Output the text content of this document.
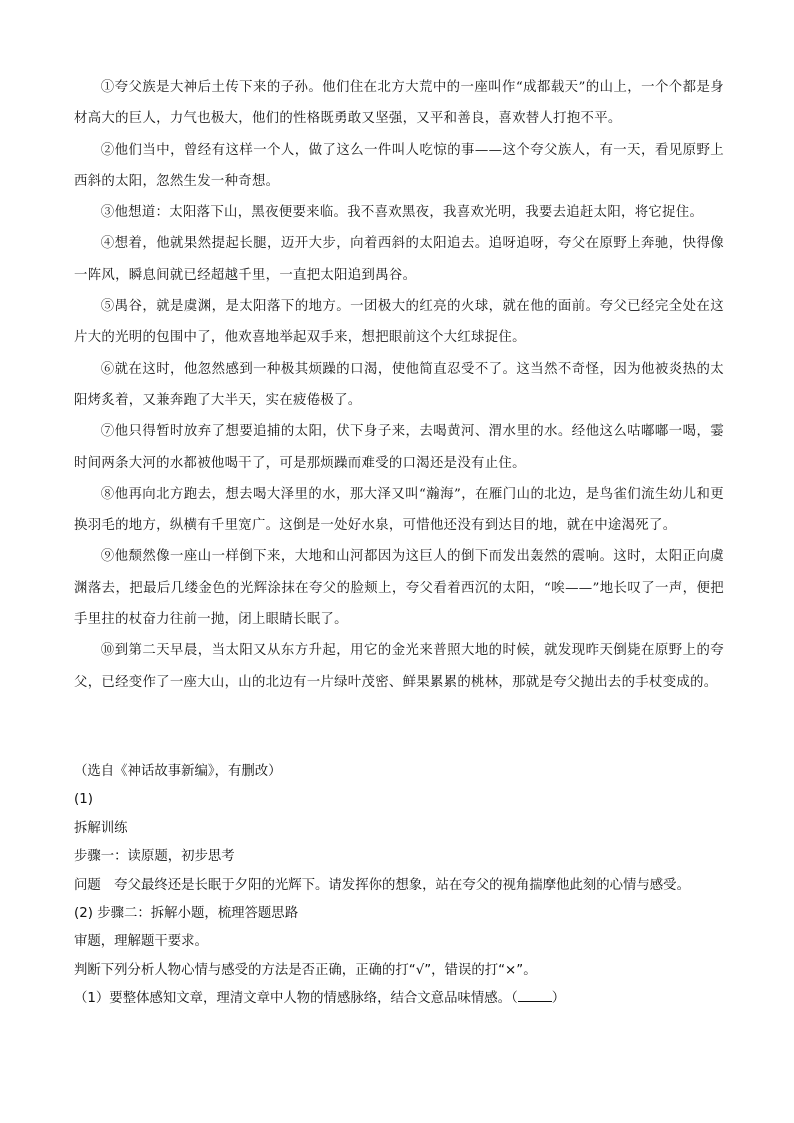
①夸父族是大神后土传下来的子孙。他们住在北方大荒中的一座叫作“成都载天”的山上，一个个都是身材高大的巨人，力气也极大，他们的性格既勇敢又坚强，又平和善良，喜欢替人打抱不平。

②他们当中，曾经有这样一个人，做了这么一件叫人吃惊的事——这个夸父族人，有一天，看见原野上西斜的太阳，忽然生发一种奇想。

③他想道：太阳落下山，黑夜便要来临。我不喜欢黑夜，我喜欢光明，我要去追赶太阳，将它捉住。

④想着，他就果然提起长腿，迈开大步，向着西斜的太阳追去。追呀追呀，夸父在原野上奔驰，快得像一阵风，瞬息间就已经超越千里，一直把太阳追到禺谷。

⑤禺谷，就是虞渊，是太阳落下的地方。一团极大的红亮的火球，就在他的面前。夸父已经完全处在这片大的光明的包围中了，他欢喜地举起双手来，想把眼前这个大红球捉住。

⑥就在这时，他忽然感到一种极其烦躁的口渴，使他简直忍受不了。这当然不奇怪，因为他被炎热的太阳烤炙着，又兼奔跑了大半天，实在疲倦极了。

⑦他只得暂时放弃了想要追捕的太阳，伏下身子来，去喝黄河、渭水里的水。经他这么咕嘟嘟一喝，霎时间两条大河的水都被他喝干了，可是那烦躁而难受的口渴还是没有止住。

⑧他再向北方跑去，想去喝大泽里的水，那大泽又叫“瀚海”，在雁门山的北边，是鸟雀们流生幼儿和更换羽毛的地方，纵横有千里宽广。这倒是一处好水泉，可惜他还没有到达目的地，就在中途渴死了。

⑨他颓然像一座山一样倒下来，大地和山河都因为这巨人的倒下而发出轰然的震响。这时，太阳正向虞渊落去，把最后几缕金色的光辉涂抹在夸父的脸颊上，夸父看着西沉的太阳，“唉——”地长叹了一声，便把手里拄的杖奋力往前一抛，闭上眼睛长眠了。

⑩到第二天早晨，当太阳又从东方升起，用它的金光来普照大地的时候，就发现昨天倒毙在原野上的夸父，已经变作了一座大山，山的北边有一片绿叶茂密、鲜果累累的桃林，那就是夸父抛出去的手杖变成的。

（选自《神话故事新编》，有删改）

(1)

拆解训练

步骤一：读原题，初步思考

问题　夸父最终还是长眠于夕阳的光辉下。请发挥你的想象，站在夸父的视角揣摩他此刻的心情与感受。

(2) 步骤二：拆解小题，梳理答题思路

审题，理解题干要求。

判断下列分析人物心情与感受的方法是否正确，正确的打“√”，错误的打“×”。

（1）要整体感知文章，理清文章中人物的情感脉络，结合文意品味情感。（	）
